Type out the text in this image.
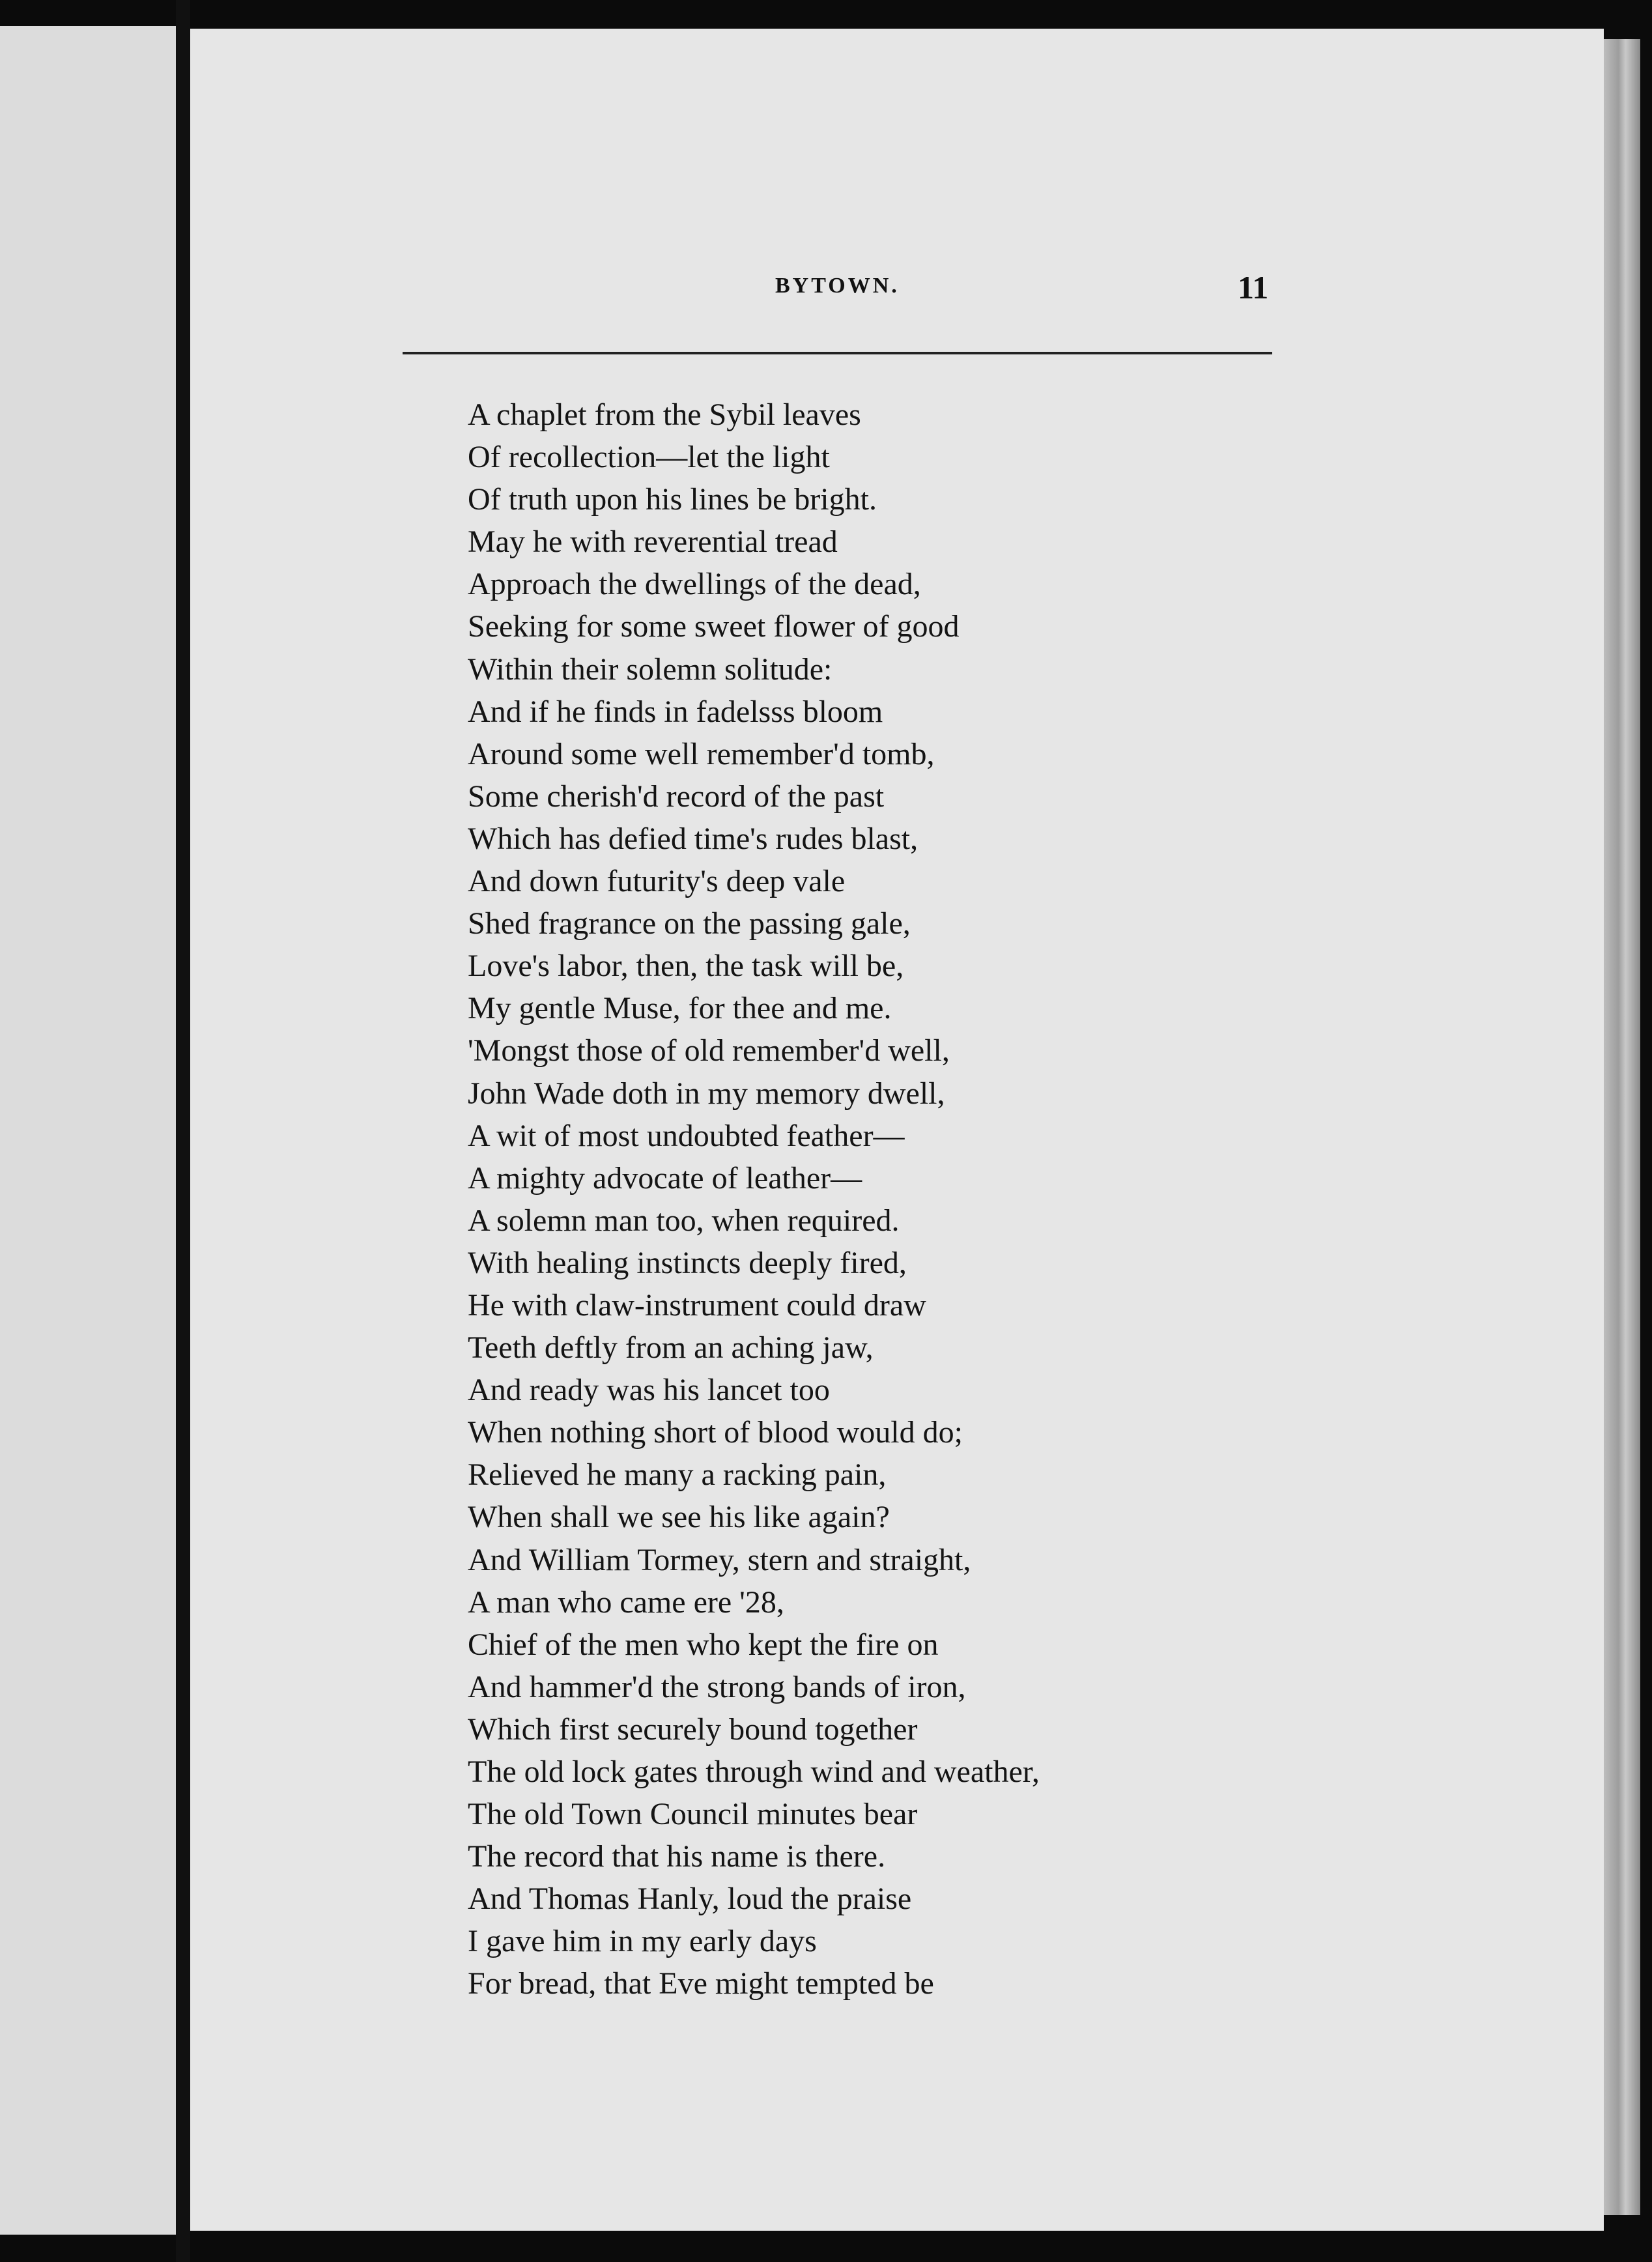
BYTOWN.	11
A chaplet from the Sybil leaves
Of recollection—let the light
Of truth upon his lines be bright.
May he with reverential tread
Approach the dwellings of the dead,
Seeking for some sweet flower of good
Within their solemn solitude:
And if he finds in fadelsss bloom
Around some well remember'd tomb,
Some cherish'd record of the past
Which has defied time's rudes blast,
And down futurity's deep vale
Shed fragrance on the passing gale,
Love's labor, then, the task will be,
My gentle Muse, for thee and me.
'Mongst those of old remember'd well,
John Wade doth in my memory dwell,
A wit of most undoubted feather—
A mighty advocate of leather—
A solemn man too, when required.
With healing instincts deeply fired,
He with claw-instrument could draw
Teeth deftly from an aching jaw,
And ready was his lancet too
When nothing short of blood would do;
Relieved he many a racking pain,
When shall we see his like again?
And William Tormey, stern and straight,
A man who came ere '28,
Chief of the men who kept the fire on
And hammer'd the strong bands of iron,
Which first securely bound together
The old lock gates through wind and weather,
The old Town Council minutes bear
The record that his name is there.
And Thomas Hanly, loud the praise
I gave him in my early days
For bread, that Eve might tempted be
